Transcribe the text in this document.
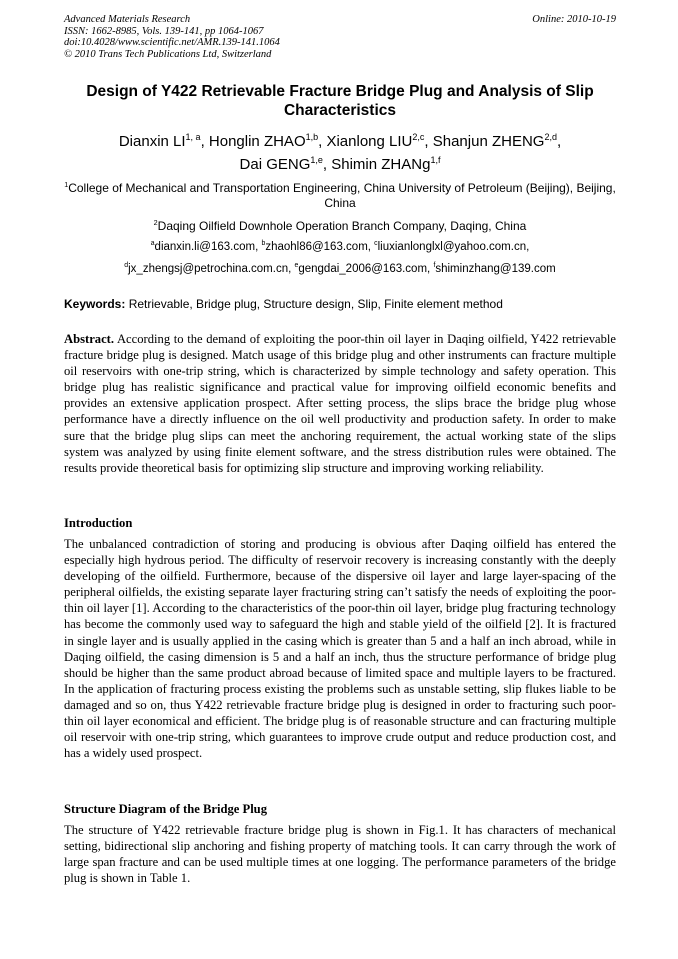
Advanced Materials Research
ISSN: 1662-8985, Vols. 139-141, pp 1064-1067
doi:10.4028/www.scientific.net/AMR.139-141.1064
© 2010 Trans Tech Publications Ltd, Switzerland
Online: 2010-10-19
Design of Y422 Retrievable Fracture Bridge Plug and Analysis of Slip Characteristics
Dianxin LI$^{1, a}$, Honglin ZHAO$^{1,b}$, Xianlong LIU$^{2,c}$, Shanjun ZHENG$^{2,d}$,
Dai GENG$^{1,e}$, Shimin ZHANg$^{1,f}$
$^1$College of Mechanical and Transportation Engineering, China University of Petroleum (Beijing), Beijing, China
$^2$Daqing Oilfield Downhole Operation Branch Company, Daqing, China
$^a$dianxin.li@163.com, $^b$zhaohl86@163.com, $^c$liuxianlonglxl@yahoo.com.cn,
$^d$jx_zhengsj@petrochina.com.cn, $^e$gengdai_2006@163.com, $^f$shiminzhang@139.com
Keywords: Retrievable, Bridge plug, Structure design, Slip, Finite element method

Abstract. According to the demand of exploiting the poor-thin oil layer in Daqing oilfield, Y422 retrievable fracture bridge plug is designed. Match usage of this bridge plug and other instruments can fracture multiple oil reservoirs with one-trip string, which is characterized by simple technology and safety operation. This bridge plug has realistic significance and practical value for improving oilfield economic benefits and provides an extensive application prospect. After setting process, the slips brace the bridge plug whose performance have a directly influence on the oil well productivity and production safety. In order to make sure that the bridge plug slips can meet the anchoring requirement, the actual working state of the slips system was analyzed by using finite element software, and the stress distribution rules were obtained. The results provide theoretical basis for optimizing slip structure and improving working reliability.

Introduction

The unbalanced contradiction of storing and producing is obvious after Daqing oilfield has entered the especially high hydrous period. The difficulty of reservoir recovery is increasing constantly with the deeply developing of the oilfield. Furthermore, because of the dispersive oil layer and large layer-spacing of the peripheral oilfields, the existing separate layer fracturing string can’t satisfy the needs of exploiting the poor-thin oil layer [1]. According to the characteristics of the poor-thin oil layer, bridge plug fracturing technology has become the commonly used way to safeguard the high and stable yield of the oilfield [2]. It is fractured in single layer and is usually applied in the casing which is greater than 5 and a half an inch abroad, while in Daqing oilfield, the casing dimension is 5 and a half an inch, thus the structure performance of bridge plug should be higher than the same product abroad because of limited space and multiple layers to be fractured. In the application of fracturing process existing the problems such as unstable setting, slip flukes liable to be damaged and so on, thus Y422 retrievable fracture bridge plug is designed in order to fracturing such poor-thin oil layer economical and efficient. The bridge plug is of reasonable structure and can fracturing multiple oil reservoir with one-trip string, which guarantees to improve crude output and reduce production cost, and has a widely used prospect.

Structure Diagram of the Bridge Plug

The structure of Y422 retrievable fracture bridge plug is shown in Fig.1. It has characters of mechanical setting, bidirectional slip anchoring and fishing property of matching tools. It can carry through the work of large span fracture and can be used multiple times at one logging. The performance parameters of the bridge plug is shown in Table 1.
